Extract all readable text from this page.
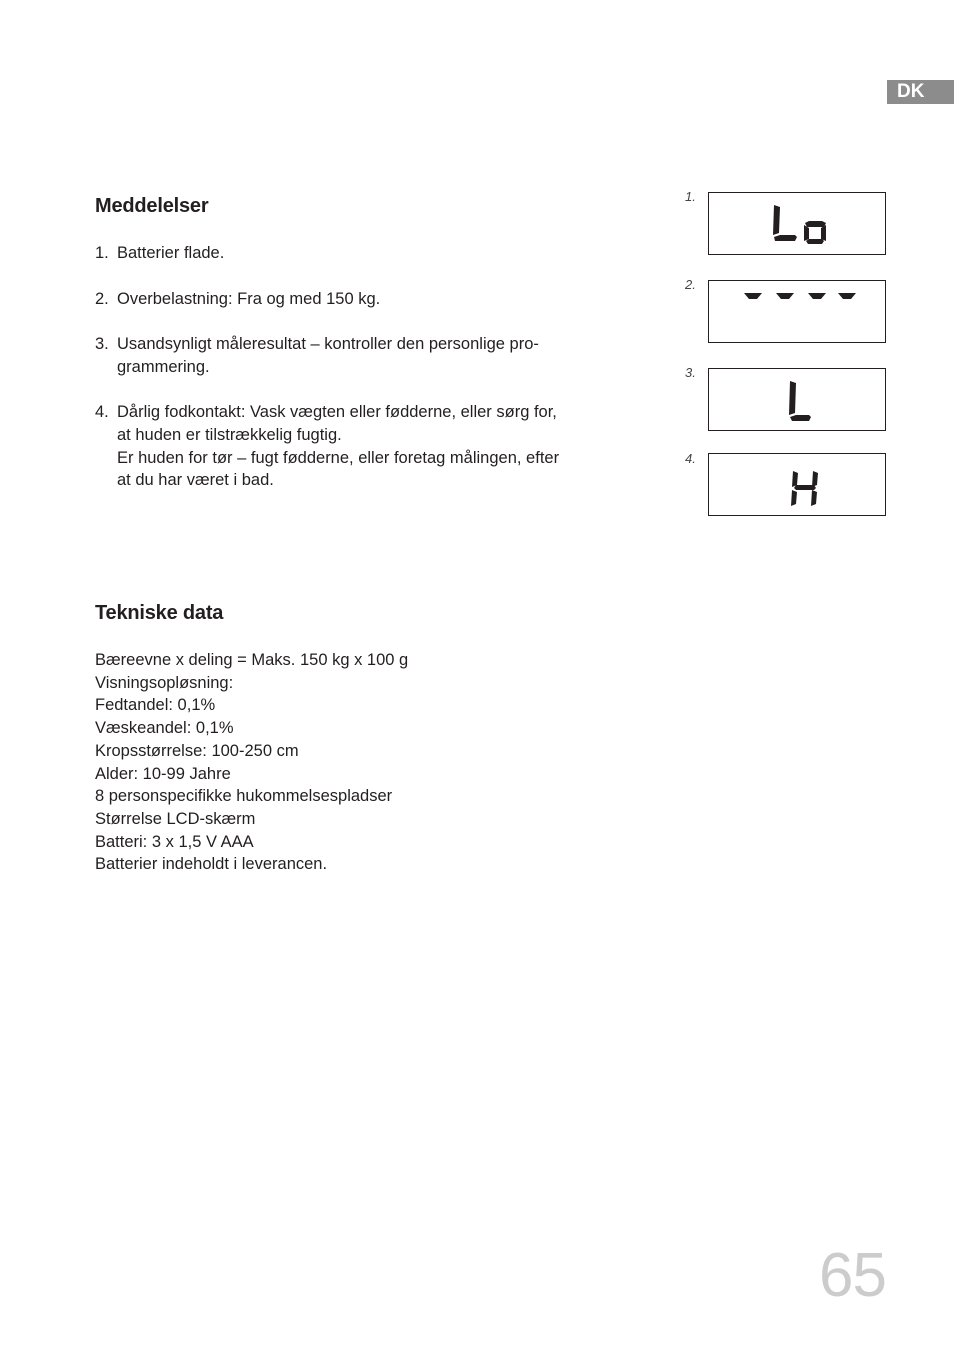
DK
Meddelelser
1. Batterier flade.
2. Overbelastning: Fra og med 150 kg.
3. Usandsynligt måleresultat – kontroller den personlige pro-
grammering.
4. Dårlig fodkontakt: Vask vægten eller fødderne, eller sørg for,
at huden er tilstrækkelig fugtig.
Er huden for tør – fugt fødderne, eller foretag målingen, efter
at du har været i bad.
1.
2.
3.
4.
Tekniske data
Bæreevne x deling = Maks. 150 kg x 100 g
Visningsopløsning:
Fedtandel: 0,1%
Væskeandel: 0,1%
Kropsstørrelse: 100-250 cm
Alder: 10-99 Jahre
8 personspecifikke hukommelsespladser
Størrelse LCD-skærm
Batteri: 3 x 1,5 V AAA
Batterier indeholdt i leverancen.
65
